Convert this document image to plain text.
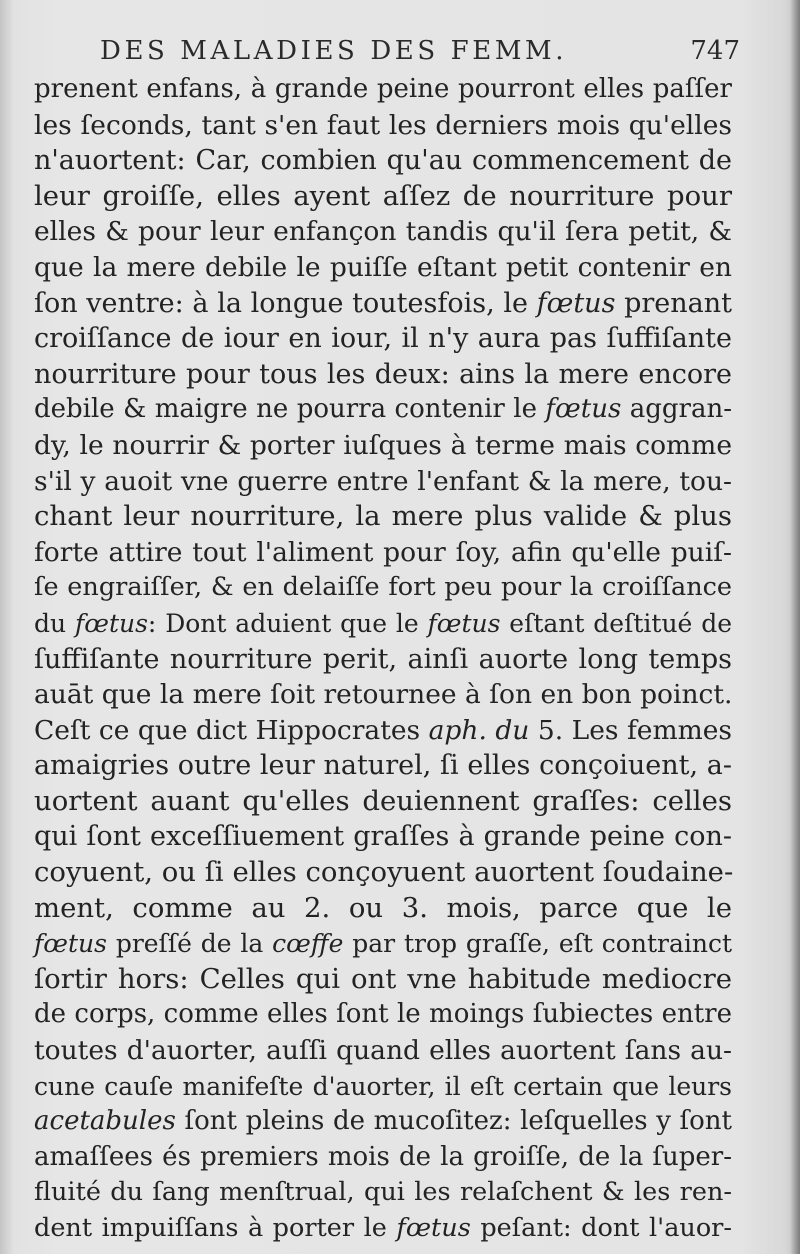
DES MALADIES DES FEMM.	747
prenent enfans, à grande peine pourront elles paſſer
les ſeconds, tant s'en faut les derniers mois qu'elles
n'auortent: Car, combien qu'au commencement de
leur groiſſe, elles ayent aſſez de nourriture pour
elles & pour leur enfançon tandis qu'il ſera petit, &
que la mere debile le puiſſe eſtant petit contenir en
ſon ventre: à la longue toutesfois, le fœtus prenant
croiſſance de iour en iour, il n'y aura pas ſuffiſante
nourriture pour tous les deux: ains la mere encore
debile & maigre ne pourra contenir le fœtus aggran-
dy, le nourrir & porter iuſques à terme mais comme
s'il y auoit vne guerre entre l'enfant & la mere, tou-
chant leur nourriture, la mere plus valide & plus
forte attire tout l'aliment pour ſoy, afin qu'elle puiſ-
ſe engraiſſer, & en delaiſſe fort peu pour la croiſſance
du fœtus: Dont aduient que le fœtus eſtant deſtitué de
ſuffiſante nourriture perit, ainſi auorte long temps
auāt que la mere ſoit retournee à ſon en bon poinct.
Ceſt ce que dict Hippocrates aph. du 5. Les femmes
amaigries outre leur naturel, ſi elles conçoiuent, a-
uortent auant qu'elles deuiennent graſſes: celles
qui ſont exceſſiuement graſſes à grande peine con-
coyuent, ou ſi elles conçoyuent auortent ſoudaine-
ment, comme au 2. ou 3. mois, parce que le
fœtus preſſé de la cœffe par trop graſſe, eſt contrainct
ſortir hors: Celles qui ont vne habitude mediocre
de corps, comme elles ſont le moings ſubiectes entre
toutes d'auorter, auſſi quand elles auortent ſans au-
cune cauſe manifeſte d'auorter, il eſt certain que leurs
acetabules ſont pleins de mucoſitez: leſquelles y ſont
amaſſees és premiers mois de la groiſſe, de la ſuper-
fluité du ſang menſtrual, qui les relaſchent & les ren-
dent impuiſſans à porter le fœtus peſant: dont l'auor-
